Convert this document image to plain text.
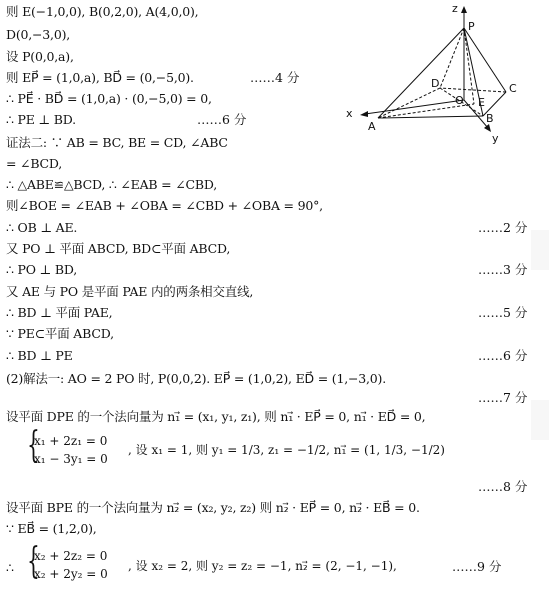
则 E(−1,0,0), B(0,2,0), A(4,0,0),
D(0,−3,0),
设 P(0,0,a),
则 EP⃗ = (1,0,a), BD⃗ = (0,−5,0).
∴ PE⃗ · BD⃗ = (1,0,a) · (0,−5,0) = 0,
∴ PE ⊥ BD.
证法二: ∵ AB = BC, BE = CD, ∠ABC
= ∠BCD,
∴ △ABE≌△BCD, ∴ ∠EAB = ∠CBD,
则∠BOE = ∠EAB + ∠OBA = ∠CBD + ∠OBA = 90°,
∴ OB ⊥ AE.
又 PO ⊥ 平面 ABCD, BD⊂平面 ABCD,
∴ PO ⊥ BD,
又 AE 与 PO 是平面 PAE 内的两条相交直线,
∴ BD ⊥ 平面 PAE,
∵ PE⊂平面 ABCD,
∴ BD ⊥ PE
(2)解法一: AO = 2 PO 时, P(0,0,2). EP⃗ = (1,0,2), ED⃗ = (1,−3,0).
设平面 DPE 的一个法向量为 n₁⃗ = (x₁, y₁, z₁), 则 n₁⃗ · EP⃗ = 0, n₁⃗ · ED⃗ = 0,
设平面 BPE 的一个法向量为 n₂⃗ = (x₂, y₂, z₂) 则 n₂⃗ · EP⃗ = 0, n₂⃗ · EB⃗ = 0.
∵ EB⃗ = (1,2,0),
{
x₁ + 2z₁ = 0
x₁ − 3y₁ = 0
, 设 x₁ = 1, 则 y₁ = 1/3, z₁ = −1/2, n₁⃗ = (1, 1/3, −1/2)
∴ {
x₂ + 2z₂ = 0
x₂ + 2y₂ = 0
, 设 x₂ = 2, 则 y₂ = z₂ = −1, n₂⃗ = (2, −1, −1),
……4 分
……6 分
……2 分
……3 分
……5 分
……6 分
……7 分
……8 分
……9 分
z
P
D	C
O E
x
A
B
y
